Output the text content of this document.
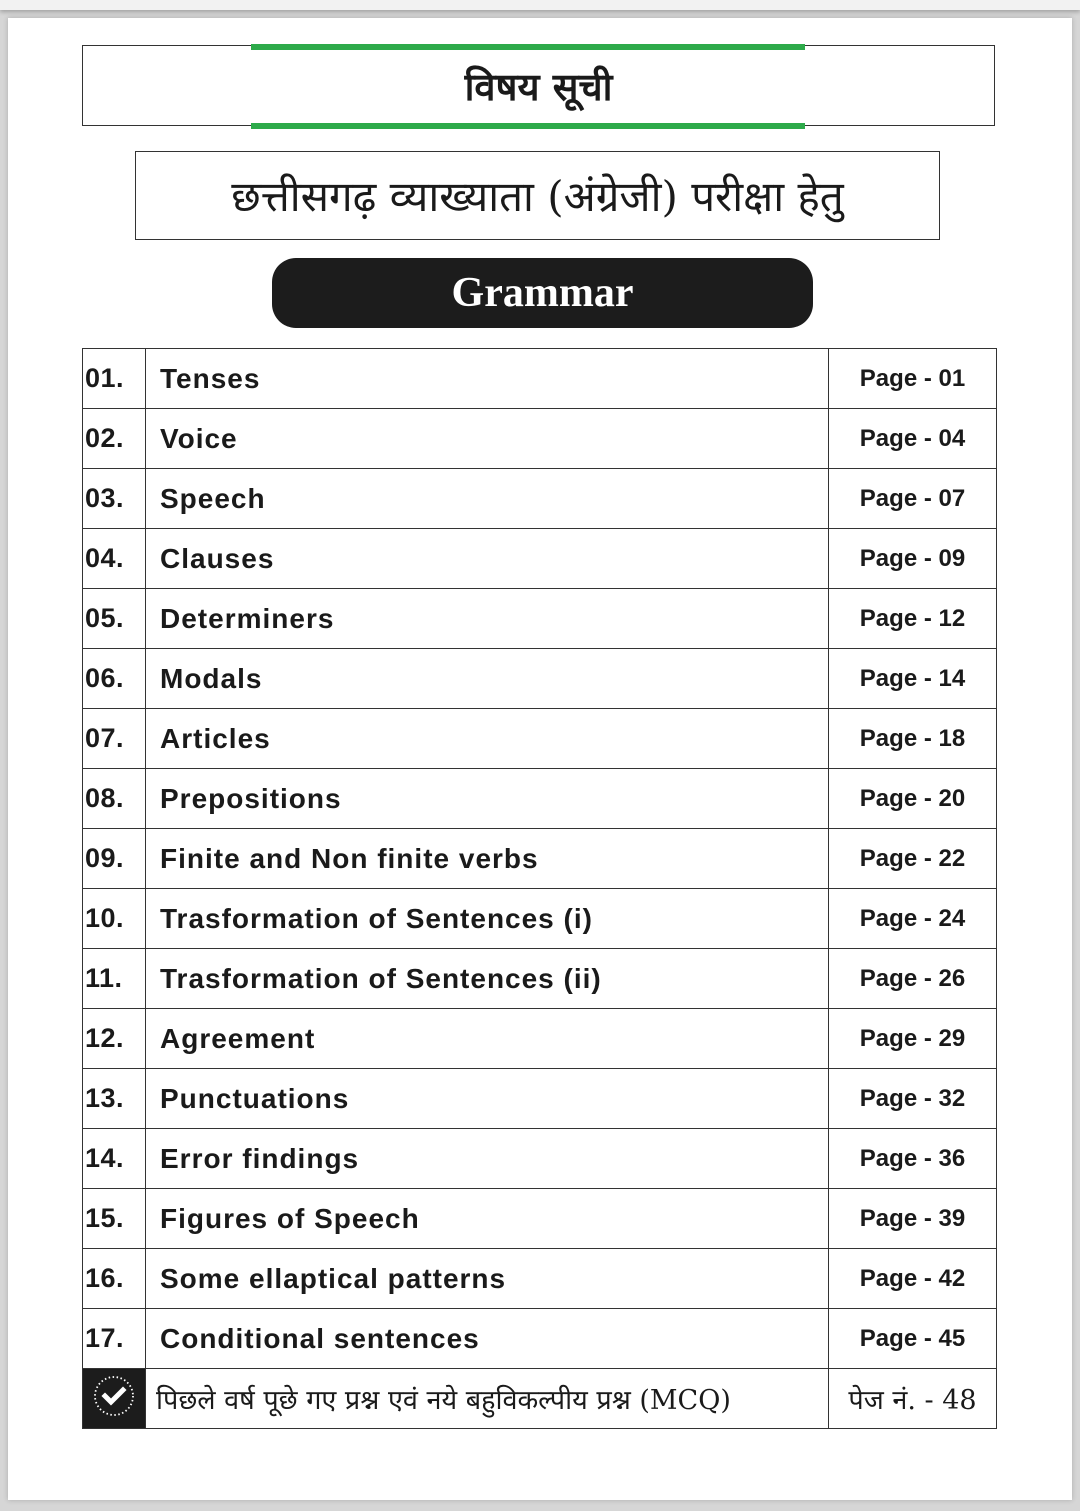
विषय सूची
छत्तीसगढ़ व्याख्याता (अंग्रेजी) परीक्षा हेतु
Grammar
01.	Tenses	Page - 01
02.	Voice	Page - 04
03.	Speech	Page - 07
04.	Clauses	Page - 09
05.	Determiners	Page - 12
06.	Modals	Page - 14
07.	Articles	Page - 18
08.	Prepositions	Page - 20
09.	Finite and Non finite verbs	Page - 22
10.	Trasformation of Sentences (i)	Page - 24
11.	Trasformation of Sentences (ii)	Page - 26
12.	Agreement	Page - 29
13.	Punctuations	Page - 32
14.	Error findings	Page - 36
15.	Figures of Speech	Page - 39
16.	Some ellaptical patterns	Page - 42
17.	Conditional sentences	Page - 45
	पिछले वर्ष पूछे गए प्रश्न एवं नये बहुविकल्पीय प्रश्न (MCQ)	पेज नं. - 48
